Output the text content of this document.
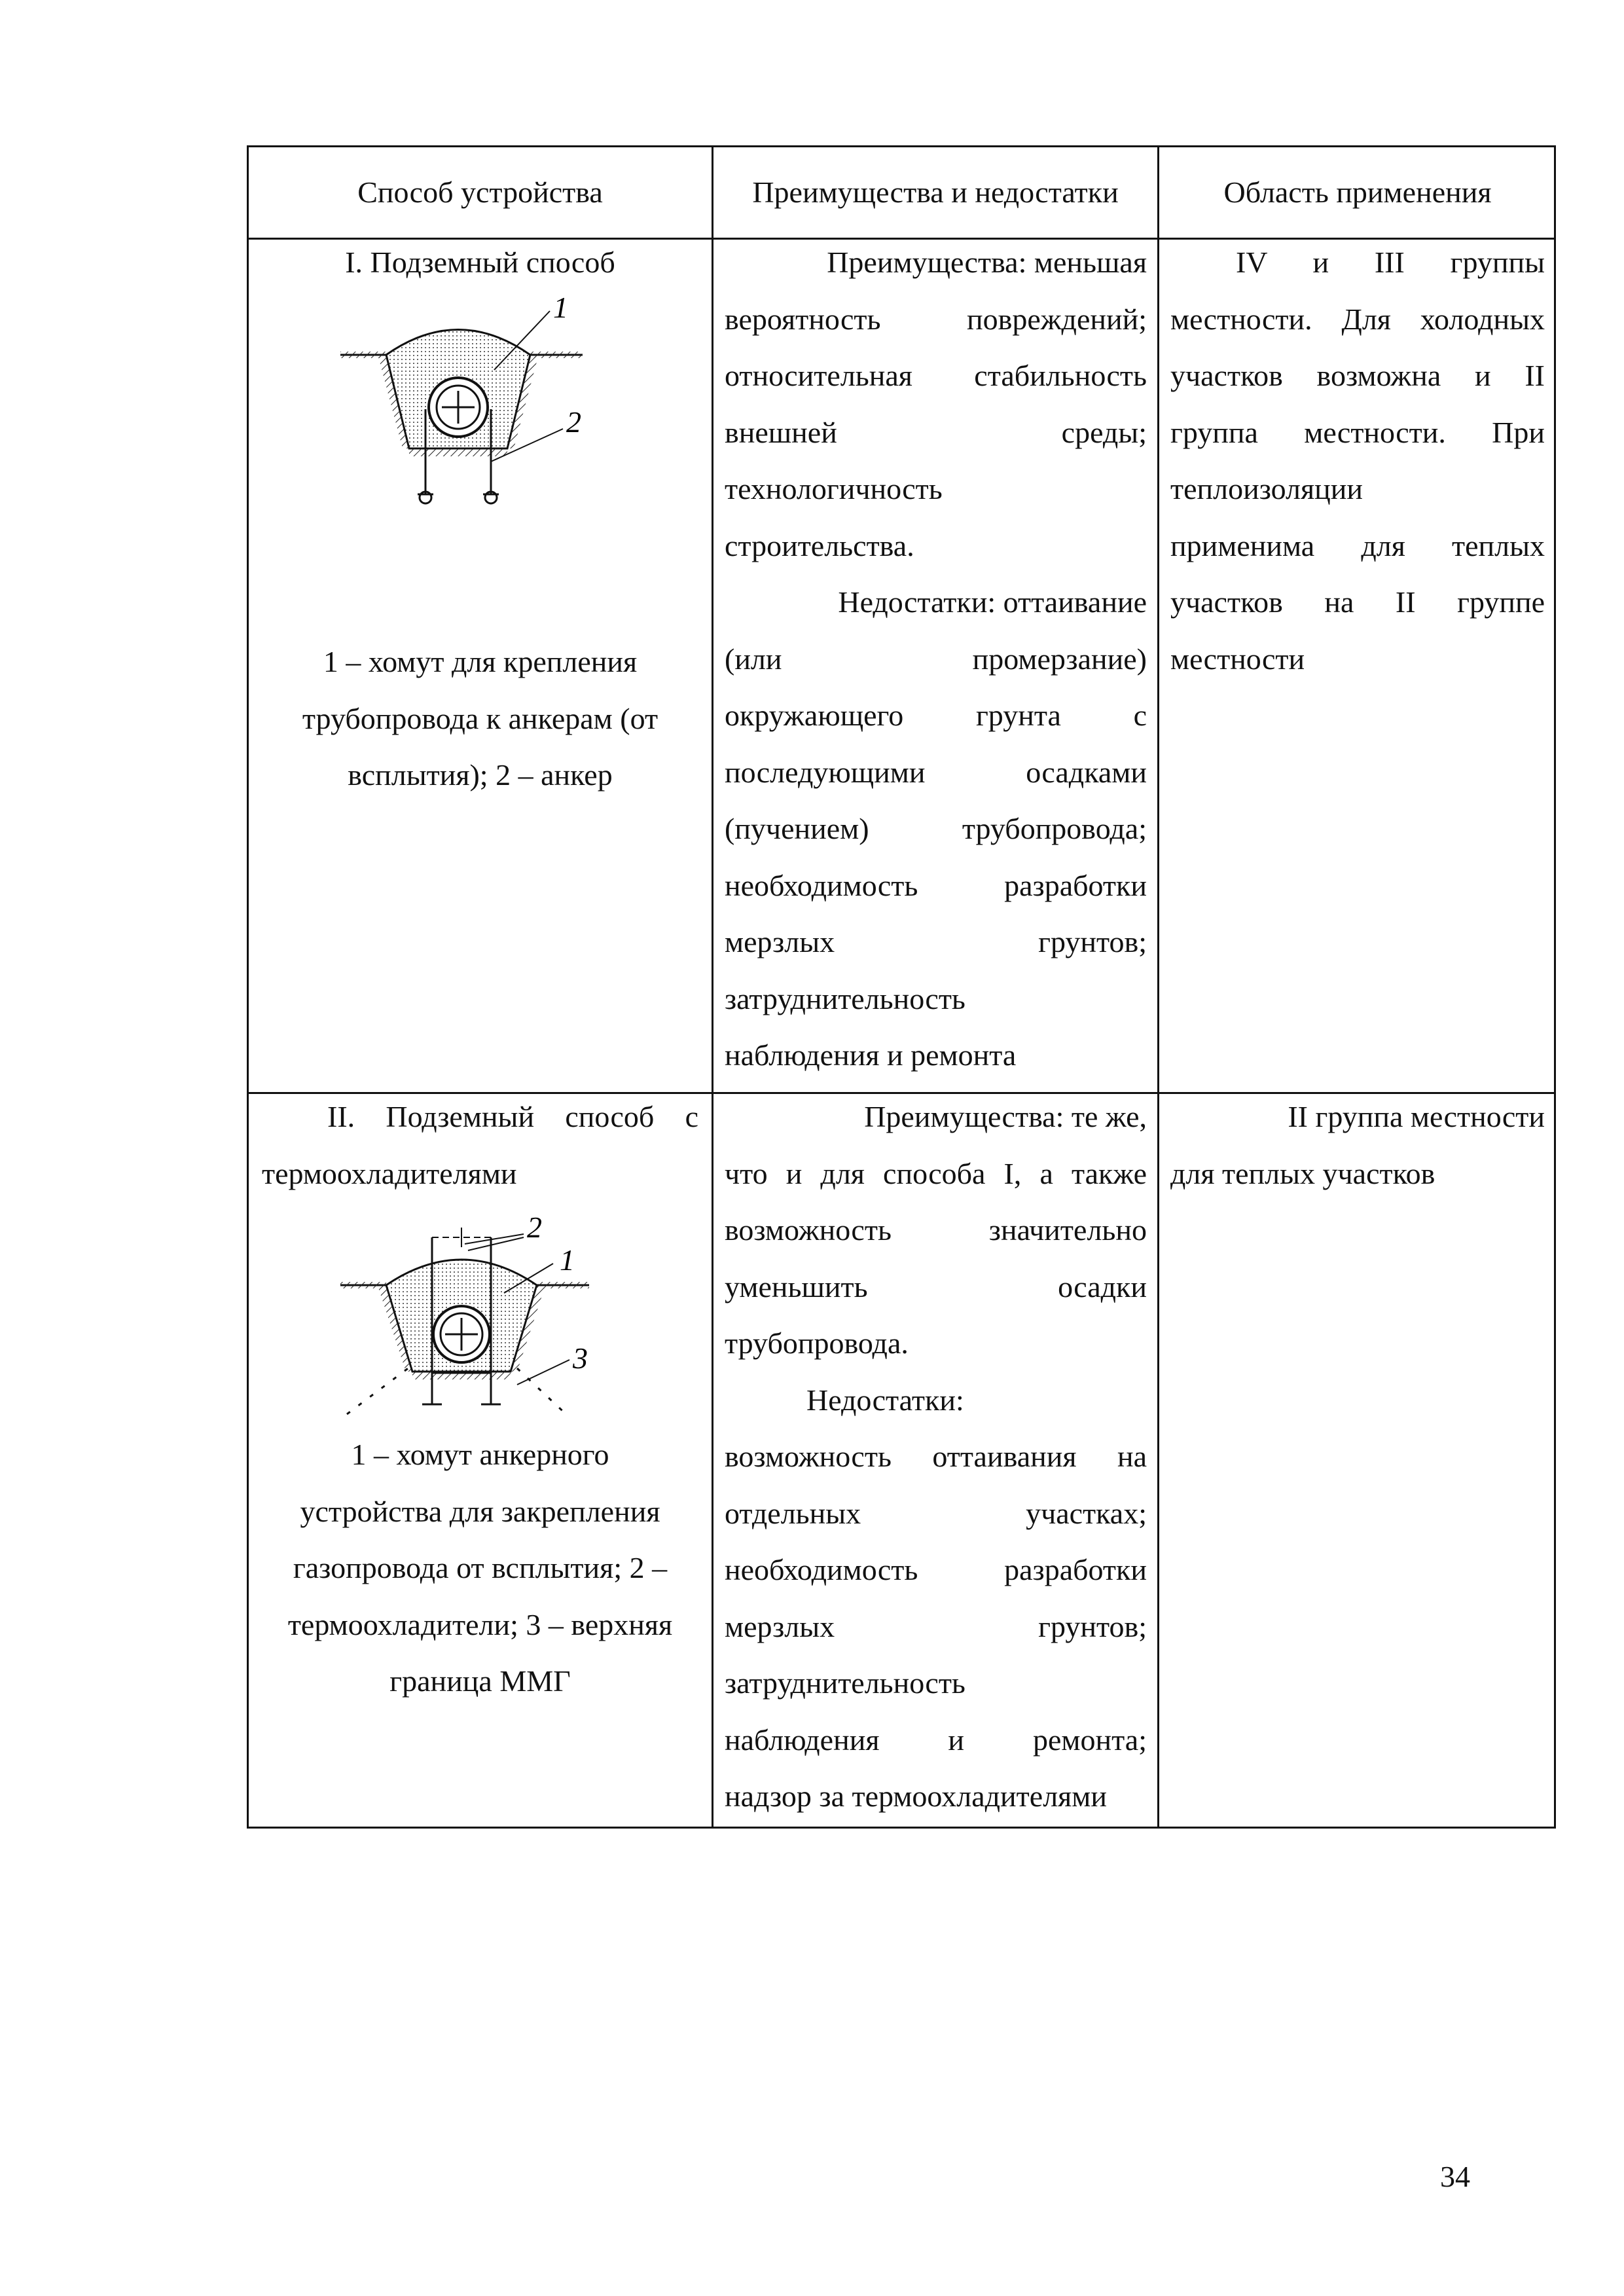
Способ устройства	Преимущества и недостатки	Область применения
I. Подземный способ
1
2
1 – хомут для крепления
трубопровода к анкерам (от
всплытия); 2 – анкер
Преимущества: меньшая
вероятность повреждений;
относительная стабильность
внешней среды;
технологичность
строительства.
Недостатки: оттаивание
(или промерзание)
окружающего грунта с
последующими осадками
(пучением) трубопровода;
необходимость разработки
мерзлых грунтов;
затруднительность
наблюдения и ремонта
IV и III группы
местности. Для холодных
участков возможна и II
группа местности. При
теплоизоляции
применима для теплых
участков на II группе
местности
II. Подземный способ с
термоохладителями
2
1
3
1 – хомут анкерного
устройства для закрепления
газопровода от всплытия; 2 –
термоохладители; 3 – верхняя
граница ММГ
Преимущества: те же,
что и для способа I, а также
возможность значительно
уменьшить осадки
трубопровода.
Недостатки:
возможность оттаивания на
отдельных участках;
необходимость разработки
мерзлых грунтов;
затруднительность
наблюдения и ремонта;
надзор за термоохладителями
II группа местности
для теплых участков
34
